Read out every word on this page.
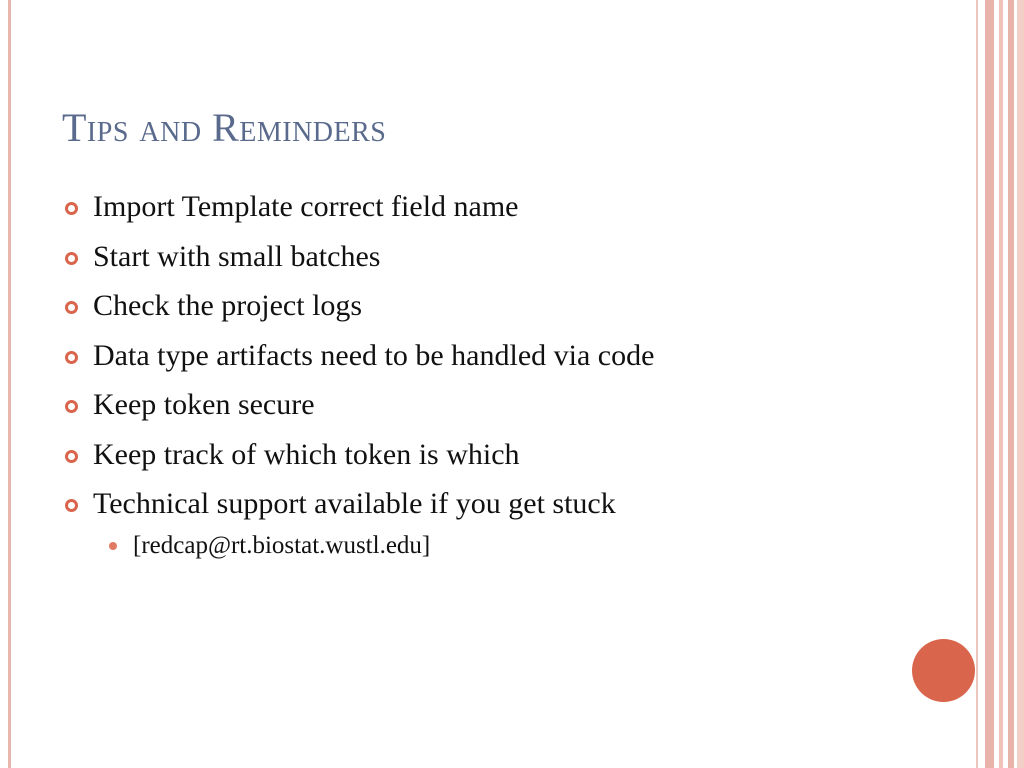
Tips and Reminders
Import Template correct field name
Start with small batches
Check the project logs
Data type artifacts need to be handled via code
Keep token secure
Keep track of which token is which
Technical support available if you get stuck
[redcap@rt.biostat.wustl.edu]
